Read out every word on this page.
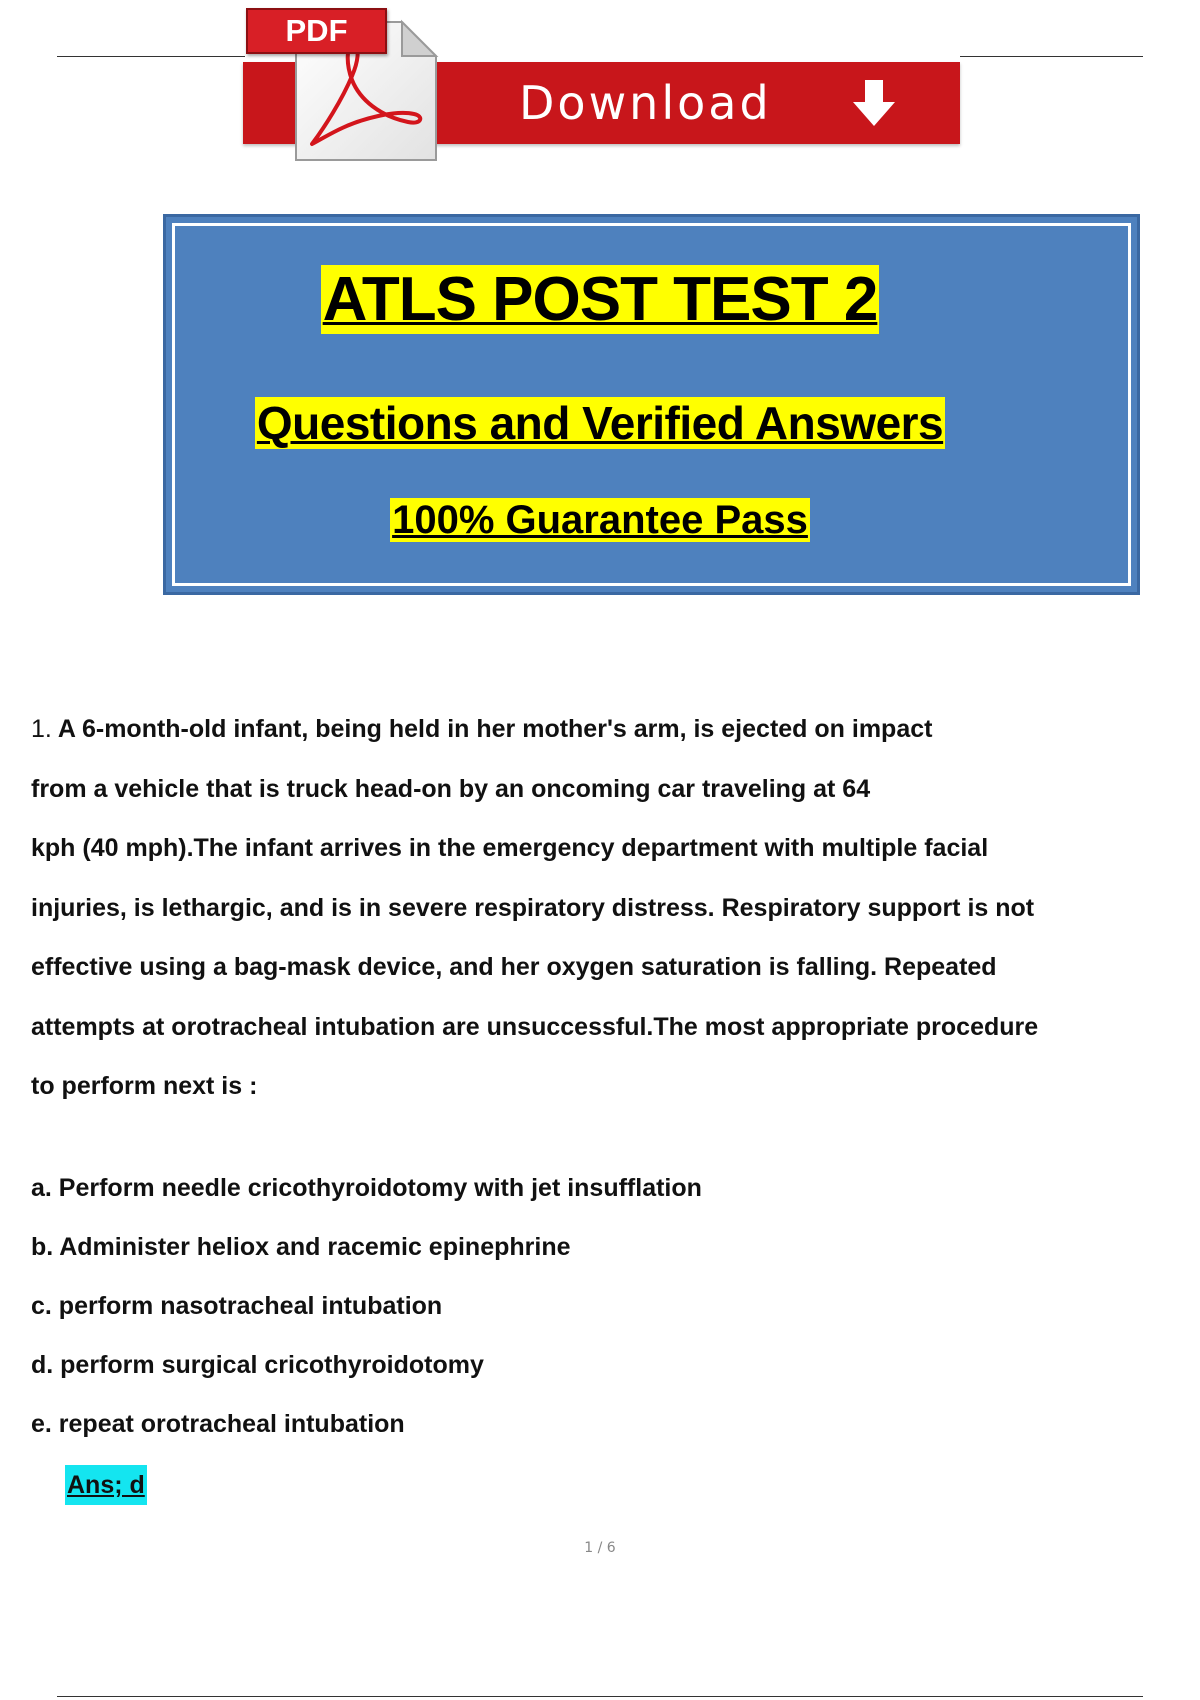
Download
PDF
ATLS POST TEST 2
Questions and Verified Answers
100% Guarantee Pass
1. A 6-month-old infant, being held in her mother's arm, is ejected on impact
from a vehicle that is truck head-on by an oncoming car traveling at 64
kph (40 mph).The infant arrives in the emergency department with multiple facial
injuries, is lethargic, and is in severe respiratory distress. Respiratory support is not
effective using a bag-mask device, and her oxygen saturation is falling. Repeated
attempts at orotracheal intubation are unsuccessful.The most appropriate procedure
to perform next is :
a. Perform needle cricothyroidotomy with jet insufflation
b. Administer heliox and racemic epinephrine
c. perform nasotracheal intubation
d. perform surgical cricothyroidotomy
e. repeat orotracheal intubation
Ans; d
1 / 6
